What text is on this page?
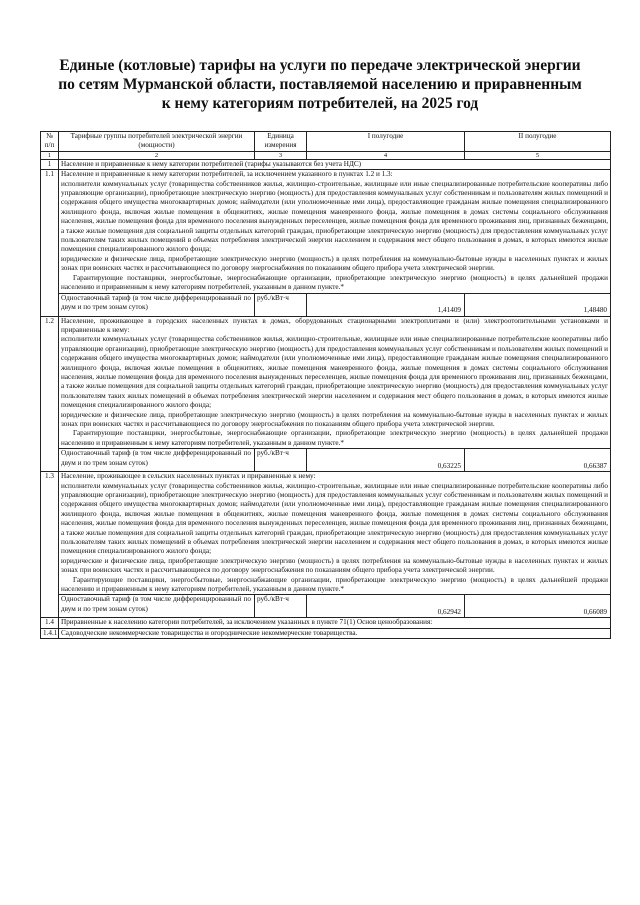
Единые (котловые) тарифы на услуги по передаче электрической энергии
по сетям Мурманской области, поставляемой населению и приравненным
к нему категориям потребителей, на 2025 год
№ п/п	Тарифные группы потребителей электрической энергии (мощности)	Единица измерения	I полугодие	II полугодие
1	2	3	4	5
1	Население и приравненные к нему категории потребителей (тарифы указываются без учета НДС)			
1.1	Население и приравненные к нему категории потребителей, за исключением указанного в пунктах 1.2 и 1.3:

исполнители коммунальных услуг (товарищества собственников жилья, жилищно-строительные, жилищные или иные специализированные потребительские кооперативы либо управляющие организации), приобретающие электрическую энергию (мощность) для предоставления коммунальных услуг собственникам и пользователям жилых помещений и содержания общего имущества многоквартирных домов; наймодатели (или уполномоченные ими лица), предоставляющие гражданам жилые помещения специализированного жилищного фонда, включая жилые помещения в общежитиях, жилые помещения маневренного фонда, жилые помещения в домах системы социального обслуживания населения, жилые помещения фонда для временного поселения вынужденных переселенцев, жилые помещения фонда для временного проживания лиц, признанных беженцами, а также жилые помещения для социальной защиты отдельных категорий граждан, приобретающие электрическую энергию (мощность) для предоставления коммунальных услуг пользователям таких жилых помещений в объемах потребления электрической энергии населением и содержания мест общего пользования в домах, в которых имеются жилые помещения специализированного жилого фонда;

юридические и физические лица, приобретающие электрическую энергию (мощность) в целях потребления на коммунально-бытовые нужды в населенных пунктах и жилых зонах при воинских частях и рассчитывающиеся по договору энергоснабжения по показаниям общего прибора учета электрической энергии.

Гарантирующие поставщики, энергосбытовые, энергоснабжающие организации, приобретающие электрическую энергию (мощность) в целях дальнейшей продажи населению и приравненным к нему категориям потребителей, указанным в данном пункте.*			

	Одноставочный тариф (в том числе дифференцированный по двум и по трем зонам суток)	руб./кВт·ч	1,41409	1,48480
1.2	Население, проживающее в городских населенных пунктах в домах, оборудованных стационарными электроплитами и (или) электроотопительными установками и приравненные к нему:

исполнители коммунальных услуг (товарищества собственников жилья, жилищно-строительные, жилищные или иные специализированные потребительские кооперативы либо управляющие организации), приобретающие электрическую энергию (мощность) для предоставления коммунальных услуг собственникам и пользователям жилых помещений и содержания общего имущества многоквартирных домов; наймодатели (или уполномоченные ими лица), предоставляющие гражданам жилые помещения специализированного жилищного фонда, включая жилые помещения в общежитиях, жилые помещения маневренного фонда, жилые помещения в домах системы социального обслуживания населения, жилые помещения фонда для временного поселения вынужденных переселенцев, жилые помещения фонда для временного проживания лиц, признанных беженцами, а также жилые помещения для социальной защиты отдельных категорий граждан, приобретающие электрическую энергию (мощность) для предоставления коммунальных услуг пользователям таких жилых помещений в объемах потребления электрической энергии населением и содержания мест общего пользования в домах, в которых имеются жилые помещения специализированного жилого фонда;

юридические и физические лица, приобретающие электрическую энергию (мощность) в целях потребления на коммунально-бытовые нужды в населенных пунктах и жилых зонах при воинских частях и рассчитывающиеся по договору энергоснабжения по показаниям общего прибора учета электрической энергии.

Гарантирующие поставщики, энергосбытовые, энергоснабжающие организации, приобретающие электрическую энергию (мощность) в целях дальнейшей продажи населению и приравненным к нему категориям потребителей, указанным в данном пункте.*			

	Одноставочный тариф (в том числе дифференцированный по двум и по трем зонам суток)	руб./кВт·ч	0,63225	0,66387
1.3	Население, проживающее в сельских населенных пунктах и приравненные к нему:

исполнители коммунальных услуг (товарищества собственников жилья, жилищно-строительные, жилищные или иные специализированные потребительские кооперативы либо управляющие организации), приобретающие электрическую энергию (мощность) для предоставления коммунальных услуг собственникам и пользователям жилых помещений и содержания общего имущества многоквартирных домов; наймодатели (или уполномоченные ими лица), предоставляющие гражданам жилые помещения специализированного жилищного фонда, включая жилые помещения в общежитиях, жилые помещения маневренного фонда, жилые помещения в домах системы социального обслуживания населения, жилые помещения фонда для временного поселения вынужденных переселенцев, жилые помещения фонда для временного проживания лиц, признанных беженцами, а также жилые помещения для социальной защиты отдельных категорий граждан, приобретающие электрическую энергию (мощность) для предоставления коммунальных услуг пользователям таких жилых помещений в объемах потребления электрической энергии населением и содержания мест общего пользования в домах, в которых имеются жилые помещения специализированного жилого фонда;

юридические и физические лица, приобретающие электрическую энергию (мощность) в целях потребления на коммунально-бытовые нужды в населенных пунктах и жилых зонах при воинских частях и рассчитывающиеся по договору энергоснабжения по показаниям общего прибора учета электрической энергии.

Гарантирующие поставщики, энергосбытовые, энергоснабжающие организации, приобретающие электрическую энергию (мощность) в целях дальнейшей продажи населению и приравненным к нему категориям потребителей, указанным в данном пункте.*			

	Одноставочный тариф (в том числе дифференцированный по двум и по трем зонам суток)	руб./кВт·ч	0,62942	0,66089
1.4	Приравненные к населению категории потребителей, за исключением указанных в пункте 71(1) Основ ценообразования:			
1.4.1	Садоводческие некоммерческие товарищества и огороднические некоммерческие товарищества.			
